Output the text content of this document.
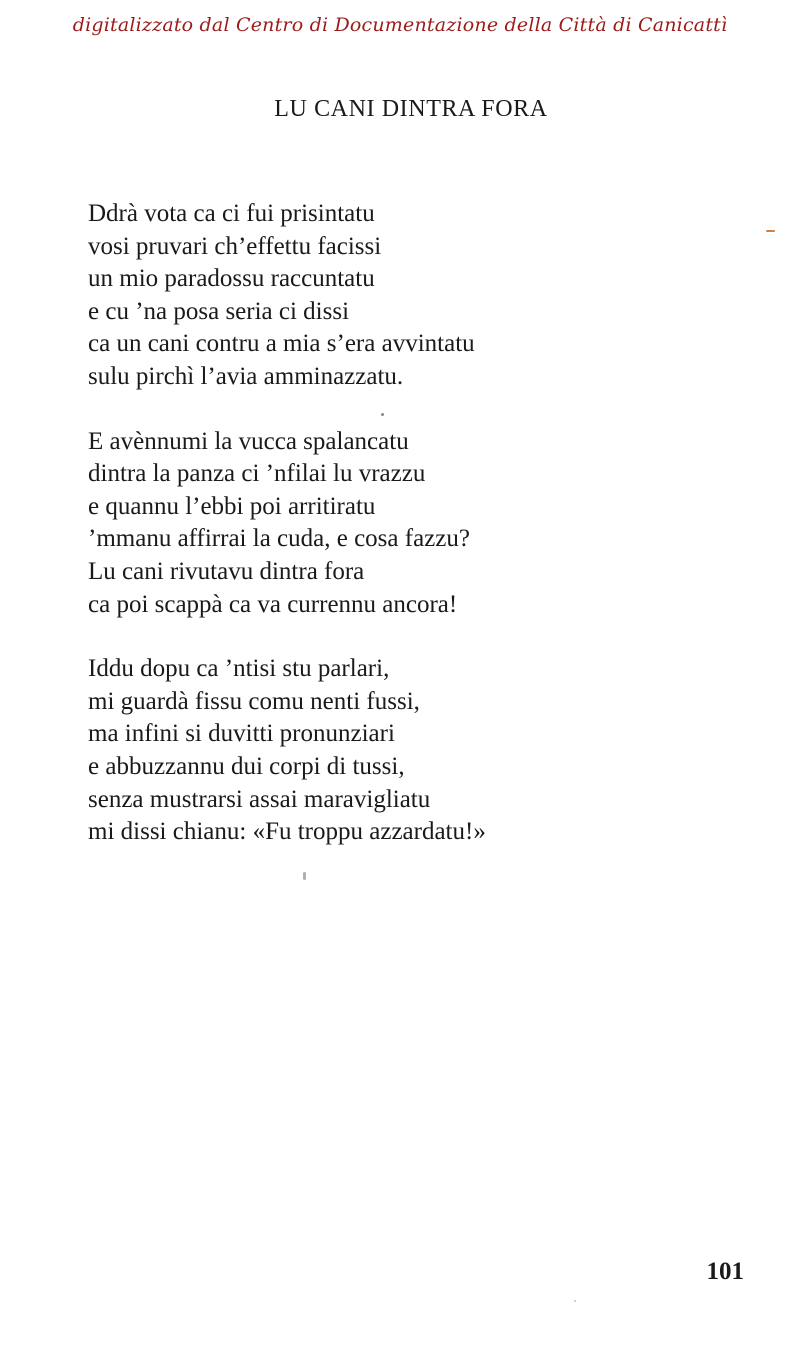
digitalizzato dal Centro di Documentazione della Città di Canicattì
LU CANI DINTRA FORA
Ddrà vota ca ci fui prisintatu
vosi pruvari ch’effettu facissi
un mio paradossu raccuntatu
e cu ’na posa seria ci dissi
ca un cani contru a mia s’era avvintatu
sulu pirchì l’avia amminazzatu.
E avènnumi la vucca spalancatu
dintra la panza ci ’nfilai lu vrazzu
e quannu l’ebbi poi arritiratu
’mmanu affirrai la cuda, e cosa fazzu?
Lu cani rivutavu dintra fora
ca poi scappà ca va currennu ancora!
Iddu dopu ca ’ntisi stu parlari,
mi guardà fissu comu nenti fussi,
ma infini si duvitti pronunziari
e abbuzzannu dui corpi di tussi,
senza mustrarsi assai maravigliatu
mi dissi chianu: «Fu troppu azzardatu!»
101
